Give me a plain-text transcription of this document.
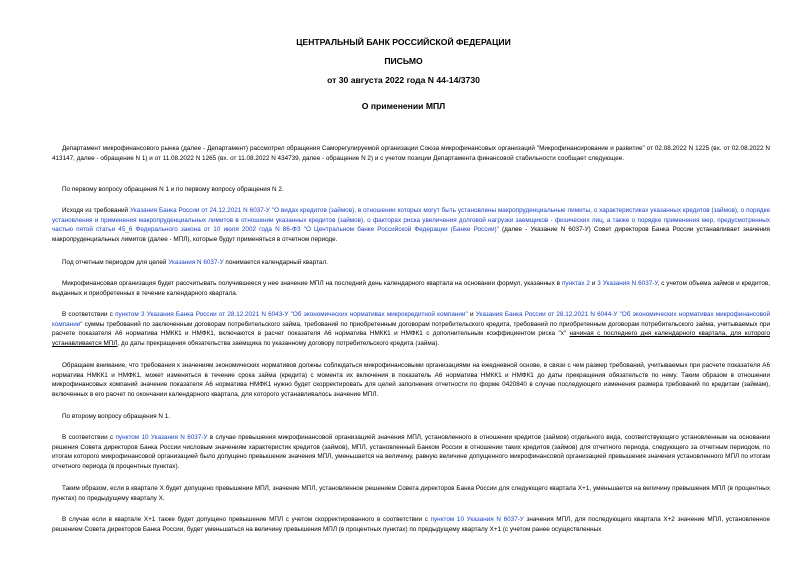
ЦЕНТРАЛЬНЫЙ БАНК РОССИЙСКОЙ ФЕДЕРАЦИИ
ПИСЬМО
от 30 августа 2022 года N 44-14/3730
О применении МПЛ
Департамент микрофинансового рынка (далее - Департамент) рассмотрел обращения Саморегулируемой организации Союза микрофинансовых организаций "Микрофинансирование и развитие" от 02.08.2022 N 1225 (вх. от 02.08.2022 N 413147, далее - обращение N 1) и от 11.08.2022 N 1265 (вх. от 11.08.2022 N 434739, далее - обращение N 2) и с учетом позиции Департамента финансовой стабильности сообщает следующее.
По первому вопросу обращения N 1 и по первому вопросу обращения N 2.
Исходя из требований Указания Банка России от 24.12.2021 N 6037-У "О видах кредитов (займов), в отношении которых могут быть установлены макропруденциальные лимиты, о характеристиках указанных кредитов (займов), о порядке установления и применения макропруденциальных лимитов в отношении указанных кредитов (займов), о факторах риска увеличения долговой нагрузки заемщиков - физических лиц, а также о порядке применения мер, предусмотренных частью пятой статьи 45_6 Федерального закона от 10 июля 2002 года N 86-ФЗ "О Центральном банке Российской Федерации (Банке России)" (далее - Указание N 6037-У) Совет директоров Банка России устанавливает значения макропруденциальных лимитов (далее - МПЛ), которые будут применяться в отчетном периоде.
Под отчетным периодом для целей Указания N 6037-У понимается календарный квартал.
Микрофинансовая организация будет рассчитывать получившееся у нее значение МПЛ на последний день календарного квартала на основании формул, указанных в пунктах 2 и 3 Указания N 6037-У, с учетом объема займов и кредитов, выданных и приобретенных в течение календарного квартала.
В соответствии с пунктом 3 Указания Банка России от 28.12.2021 N 6043-У "Об экономических нормативах микрокредитной компании" и Указания Банка России от 28.12.2021 N 6044-У "Об экономических нормативах микрофинансовой компании" суммы требований по заключенным договорам потребительского займа, требований по приобретенным договорам потребительского кредита, требований по приобретенным договорам потребительского займа, учитываемых при расчете показателя А6 норматива НМКК1 и НМФК1, включаются в расчет показателя А6 норматива НМКК1 и НМФК1 с дополнительным коэффициентом риска "х" начиная с последнего дня календарного квартала, для которого устанавливается МПЛ, до даты прекращения обязательства заемщика по указанному договору потребительского кредита (займа).
Обращаем внимание, что требования к значениям экономических нормативов должны соблюдаться микрофинансовыми организациями на ежедневной основе, в связи с чем размер требований, учитываемых при расчете показателя А6 норматива НМКК1 и НМФК1, может изменяться в течение срока займа (кредита) с момента их включения в показатель А6 норматива НМКК1 и НМФК1 до даты прекращения обязательств по нему. Таким образом в отношении микрофинансовых компаний значение показателя А6 норматива НМФК1 нужно будет скорректировать для целей заполнения отчетности по форме 0420840 в случае последующего изменения размера требований по кредитам (займам), включенных в его расчет по окончании календарного квартала, для которого устанавливалось значение МПЛ.
По второму вопросу обращения N 1.
В соответствии с пунктом 10 Указания N 6037-У в случае превышения микрофинансовой организацией значения МПЛ, установленного в отношении кредитов (займов) отдельного вида, соответствующего установленным на основании решения Совета директоров Банка России числовым значениям характеристик кредитов (займов), МПЛ, установленный Банком России в отношении таких кредитов (займов) для отчетного периода, следующего за отчетным периодом, по итогам которого микрофинансовой организацией было допущено превышение значения МПЛ, уменьшается на величину, равную величине допущенного микрофинансовой организацией превышения значения установленного МПЛ по итогам отчетного периода (в процентных пунктах).
Таким образом, если в квартале X будет допущено превышение МПЛ, значение МПЛ, установленное решением Совета директоров Банка России для следующего квартала X+1, уменьшается на величину превышения МПЛ (в процентных пунктах) по предыдущему кварталу X.
В случае если в квартале X+1 также будет допущено превышение МПЛ с учетом скорректированного в соответствии с пунктом 10 Указания N 6037-У значения МПЛ, для последующего квартала X+2 значение МПЛ, установленное решением Совета директоров Банка России, будет уменьшаться на величину превышения МПЛ (в процентных пунктах) по предыдущему кварталу X+1 (с учетом ранее осуществленных
